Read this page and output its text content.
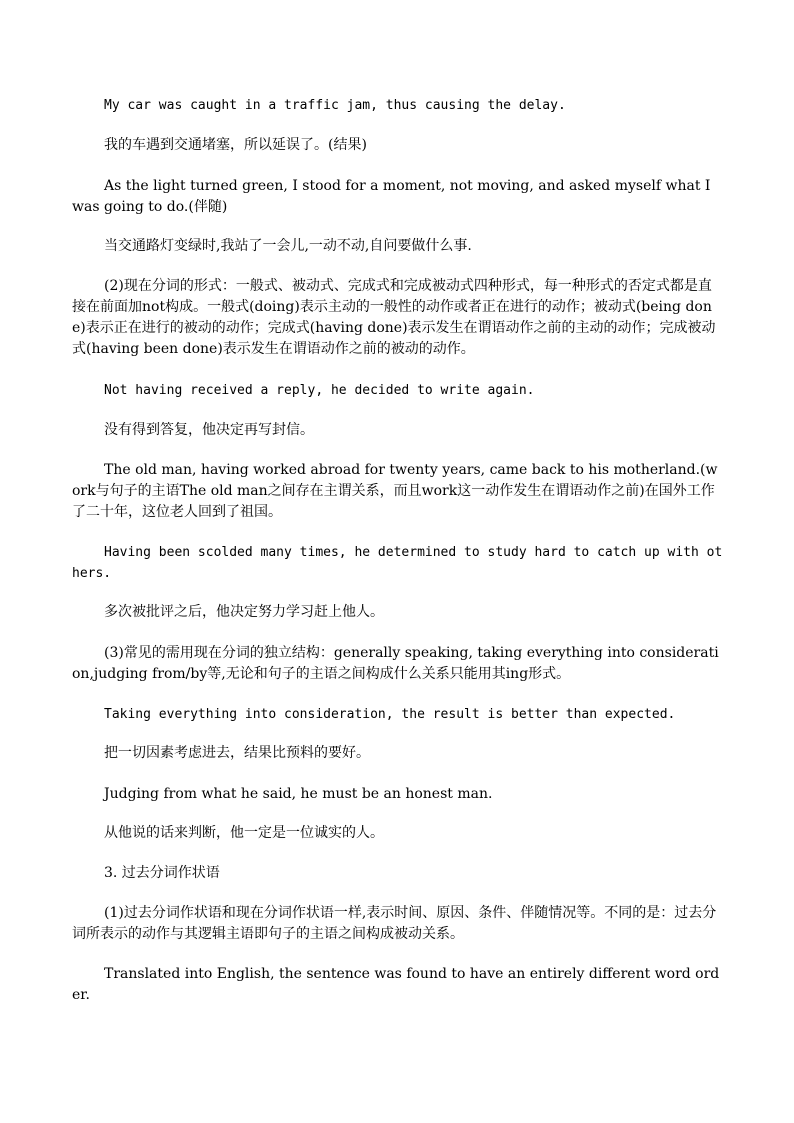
My car was caught in a traffic jam, thus causing the delay.
我的车遇到交通堵塞，所以延误了。(结果)
As the light turned green, I stood for a moment, not moving, and asked myself what I was going to do.(伴随)
当交通路灯变绿时,我站了一会儿,一动不动,自问要做什么事.
(2)现在分词的形式：一般式、被动式、完成式和完成被动式四种形式，每一种形式的否定式都是直接在前面加not构成。一般式(doing)表示主动的一般性的动作或者正在进行的动作；被动式(being done)表示正在进行的被动的动作；完成式(having done)表示发生在谓语动作之前的主动的动作；完成被动式(having been done)表示发生在谓语动作之前的被动的动作。
Not having received a reply, he decided to write again.
没有得到答复，他决定再写封信。
The old man, having worked abroad for twenty years, came back to his motherland.(work与句子的主语The old man之间存在主谓关系，而且work这一动作发生在谓语动作之前)在国外工作了二十年，这位老人回到了祖国。
Having been scolded many times, he determined to study hard to catch up with others.
多次被批评之后，他决定努力学习赶上他人。
(3)常见的需用现在分词的独立结构：generally speaking, taking everything into consideration,judging from/by等,无论和句子的主语之间构成什么关系只能用其ing形式。
Taking everything into consideration, the result is better than expected.
把一切因素考虑进去，结果比预料的要好。
Judging from what he said, he must be an honest man.
从他说的话来判断，他一定是一位诚实的人。
3. 过去分词作状语
(1)过去分词作状语和现在分词作状语一样,表示时间、原因、条件、伴随情况等。不同的是：过去分词所表示的动作与其逻辑主语即句子的主语之间构成被动关系。
Translated into English, the sentence was found to have an entirely different word order.
